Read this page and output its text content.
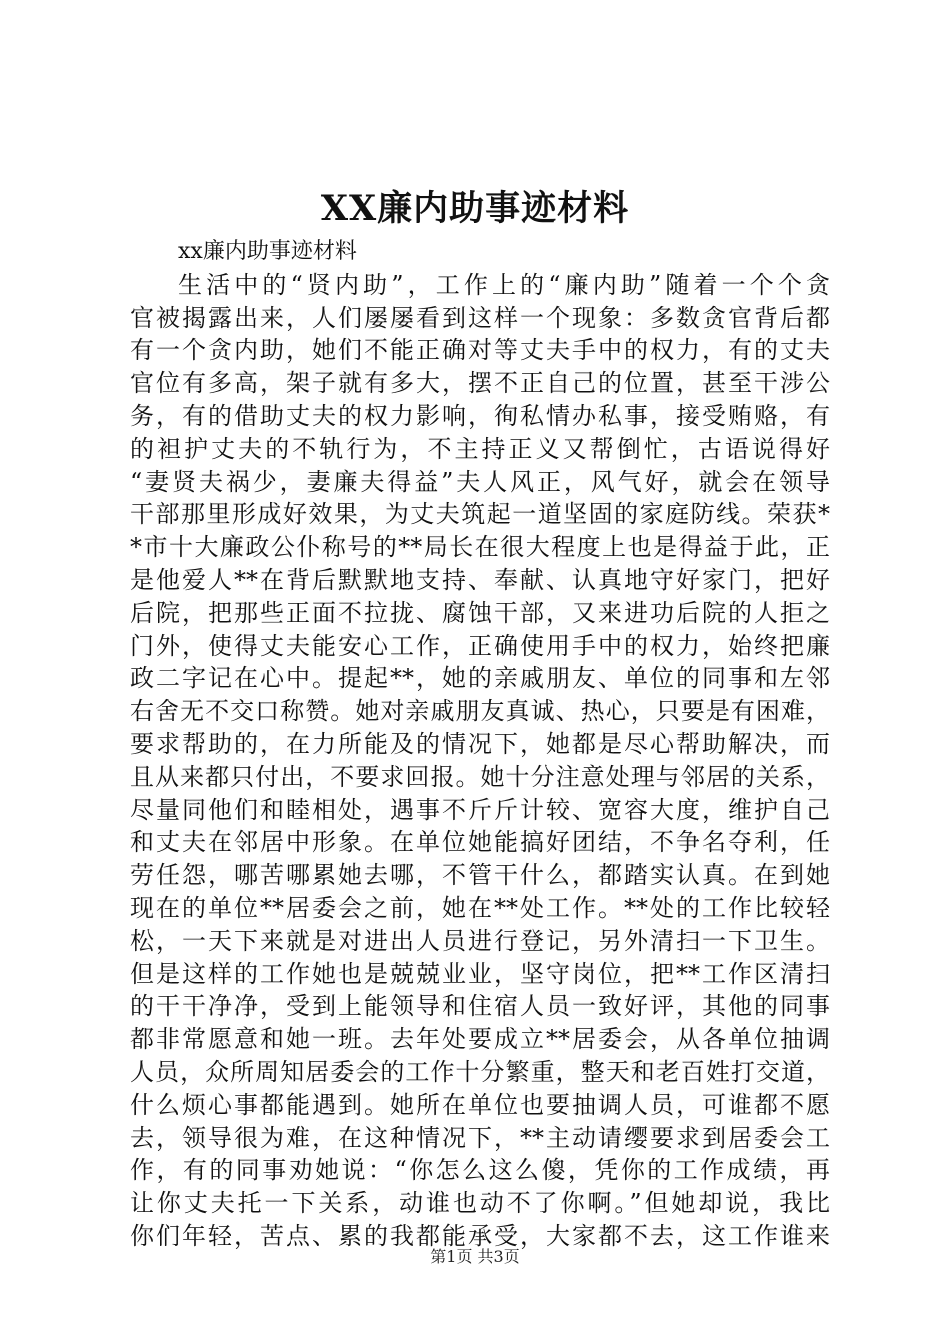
XX廉内助事迹材料
xx廉内助事迹材料
生活中的“贤内助”，工作上的“廉内助”随着一个个贪
官被揭露出来，人们屡屡看到这样一个现象：多数贪官背后都
有一个贪内助，她们不能正确对等丈夫手中的权力，有的丈夫
官位有多高，架子就有多大，摆不正自己的位置，甚至干涉公
务，有的借助丈夫的权力影响，徇私情办私事，接受贿赂，有
的袒护丈夫的不轨行为，不主持正义又帮倒忙，古语说得好
“妻贤夫祸少，妻廉夫得益”夫人风正，风气好，就会在领导
干部那里形成好效果，为丈夫筑起一道坚固的家庭防线。荣获*
*市十大廉政公仆称号的**局长在很大程度上也是得益于此，正
是他爱人**在背后默默地支持、奉献、认真地守好家门，把好
后院，把那些正面不拉拢、腐蚀干部，又来进功后院的人拒之
门外，使得丈夫能安心工作，正确使用手中的权力，始终把廉
政二字记在心中。提起**，她的亲戚朋友、单位的同事和左邻
右舍无不交口称赞。她对亲戚朋友真诚、热心，只要是有困难，
要求帮助的，在力所能及的情况下，她都是尽心帮助解决，而
且从来都只付出，不要求回报。她十分注意处理与邻居的关系，
尽量同他们和睦相处，遇事不斤斤计较、宽容大度，维护自己
和丈夫在邻居中形象。在单位她能搞好团结，不争名夺利，任
劳任怨，哪苦哪累她去哪，不管干什么，都踏实认真。在到她
现在的单位**居委会之前，她在**处工作。**处的工作比较轻
松，一天下来就是对进出人员进行登记，另外清扫一下卫生。
但是这样的工作她也是兢兢业业，坚守岗位，把**工作区清扫
的干干净净，受到上能领导和住宿人员一致好评，其他的同事
都非常愿意和她一班。去年处要成立**居委会，从各单位抽调
人员，众所周知居委会的工作十分繁重，整天和老百姓打交道，
什么烦心事都能遇到。她所在单位也要抽调人员，可谁都不愿
去，领导很为难，在这种情况下，**主动请缨要求到居委会工
作，有的同事劝她说：“你怎么这么傻，凭你的工作成绩，再
让你丈夫托一下关系，动谁也动不了你啊。”但她却说，我比
你们年轻，苦点、累的我都能承受，大家都不去，这工作谁来
第1页 共3页
